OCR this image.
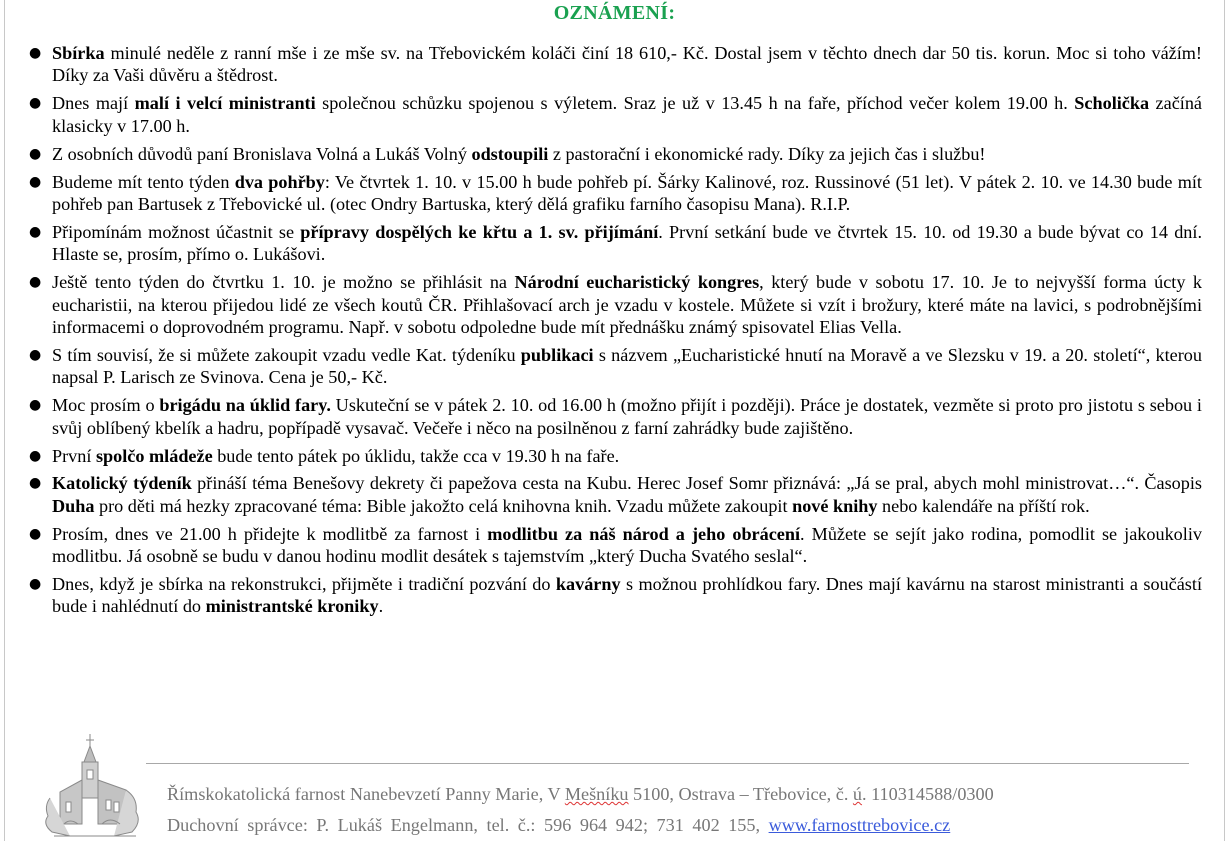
OZNÁMENÍ:
● Sbírka minulé neděle z ranní mše i ze mše sv. na Třebovickém koláči činí 18 610,- Kč. Dostal jsem v těchto dnech dar 50 tis. korun. Moc si toho vážím! Díky za Vaši důvěru a štědrost.
● Dnes mají malí i velcí ministranti společnou schůzku spojenou s výletem. Sraz je už v 13.45 h na faře, příchod večer kolem 19.00 h. Scholička začíná klasicky v 17.00 h.
● Z osobních důvodů paní Bronislava Volná a Lukáš Volný odstoupili z pastorační i ekonomické rady. Díky za jejich čas i službu!
● Budeme mít tento týden dva pohřby: Ve čtvrtek 1. 10. v 15.00 h bude pohřeb pí. Šárky Kalinové, roz. Russinové (51 let). V pátek 2. 10. ve 14.30 bude mít pohřeb pan Bartusek z Třebovické ul. (otec Ondry Bartuska, který dělá grafiku farního časopisu Mana). R.I.P.
● Připomínám možnost účastnit se přípravy dospělých ke křtu a 1. sv. přijímání. První setkání bude ve čtvrtek 15. 10. od 19.30 a bude bývat co 14 dní. Hlaste se, prosím, přímo o. Lukášovi.
● Ještě tento týden do čtvrtku 1. 10. je možno se přihlásit na Národní eucharistický kongres, který bude v sobotu 17. 10. Je to nejvyšší forma úcty k eucharistii, na kterou přijedou lidé ze všech koutů ČR. Přihlašovací arch je vzadu v kostele. Můžete si vzít i brožury, které máte na lavici, s podrobnějšími informacemi o doprovodném programu. Např. v sobotu odpoledne bude mít přednášku známý spisovatel Elias Vella.
● S tím souvisí, že si můžete zakoupit vzadu vedle Kat. týdeníku publikaci s názvem „Eucharistické hnutí na Moravě a ve Slezsku v 19. a 20. století“, kterou napsal P. Larisch ze Svinova. Cena je 50,- Kč.
● Moc prosím o brigádu na úklid fary. Uskuteční se v pátek 2. 10. od 16.00 h (možno přijít i později). Práce je dostatek, vezměte si proto pro jistotu s sebou i svůj oblíbený kbelík a hadru, popřípadě vysavač. Večeře i něco na posilněnou z farní zahrádky bude zajištěno.
● První spolčo mládeže bude tento pátek po úklidu, takže cca v 19.30 h na faře.
● Katolický týdeník přináší téma Benešovy dekrety či papežova cesta na Kubu. Herec Josef Somr přiznává: „Já se pral, abych mohl ministrovat…“. Časopis Duha pro děti má hezky zpracované téma: Bible jakožto celá knihovna knih. Vzadu můžete zakoupit nové knihy nebo kalendáře na příští rok.
● Prosím, dnes ve 21.00 h přidejte k modlitbě za farnost i modlitbu za náš národ a jeho obrácení. Můžete se sejít jako rodina, pomodlit se jakoukoliv modlitbu. Já osobně se budu v danou hodinu modlit desátek s tajemstvím „který Ducha Svatého seslal“.
● Dnes, když je sbírka na rekonstrukci, přijměte i tradiční pozvání do kavárny s možnou prohlídkou fary. Dnes mají kavárnu na starost ministranti a součástí bude i nahlédnutí do ministrantské kroniky.
Římskokatolická farnost Nanebevzetí Panny Marie, V Mešníku 5100, Ostrava – Třebovice, č. ú. 110314588/0300
Duchovní správce: P. Lukáš Engelmann, tel. č.: 596 964 942; 731 402 155, www.farnosttrebovice.cz
